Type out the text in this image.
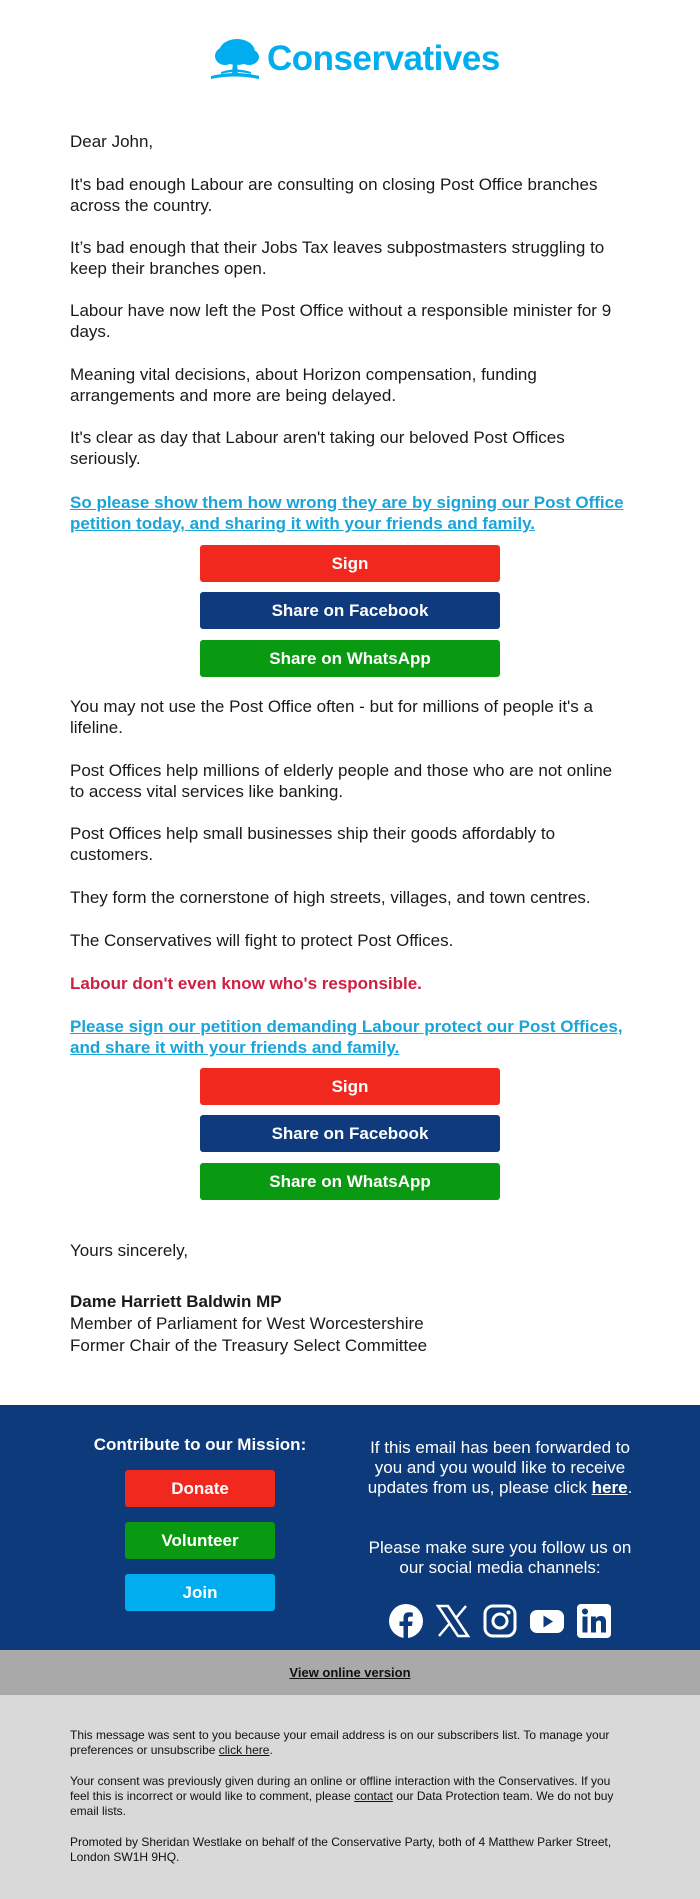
Conservatives
Dear John,
It's bad enough Labour are consulting on closing Post Office branches across the country.
It’s bad enough that their Jobs Tax leaves subpostmasters struggling to keep their branches open.
Labour have now left the Post Office without a responsible minister for 9 days.
Meaning vital decisions, about Horizon compensation, funding arrangements and more are being delayed.
It's clear as day that Labour aren't taking our beloved Post Offices seriously.
So please show them how wrong they are by signing our Post Office petition today, and sharing it with your friends and family.
Sign
Share on Facebook
Share on WhatsApp
You may not use the Post Office often - but for millions of people it's a lifeline.
Post Offices help millions of elderly people and those who are not online to access vital services like banking.
Post Offices help small businesses ship their goods affordably to customers.
They form the cornerstone of high streets, villages, and town centres.
The Conservatives will fight to protect Post Offices.
Labour don't even know who's responsible.
Please sign our petition demanding Labour protect our Post Offices, and share it with your friends and family.
Sign
Share on Facebook
Share on WhatsApp
Yours sincerely,
Dame Harriett Baldwin MP
Member of Parliament for West Worcestershire
Former Chair of the Treasury Select Committee
Contribute to our Mission:
Donate
Volunteer
Join
If this email has been forwarded to you and you would like to receive updates from us, please click here.
Please make sure you follow us on our social media channels:
View online version
This message was sent to you because your email address is on our subscribers list. To manage your preferences or unsubscribe click here.
Your consent was previously given during an online or offline interaction with the Conservatives. If you feel this is incorrect or would like to comment, please contact our Data Protection team. We do not buy email lists.
Promoted by Sheridan Westlake on behalf of the Conservative Party, both of 4 Matthew Parker Street, London SW1H 9HQ.
